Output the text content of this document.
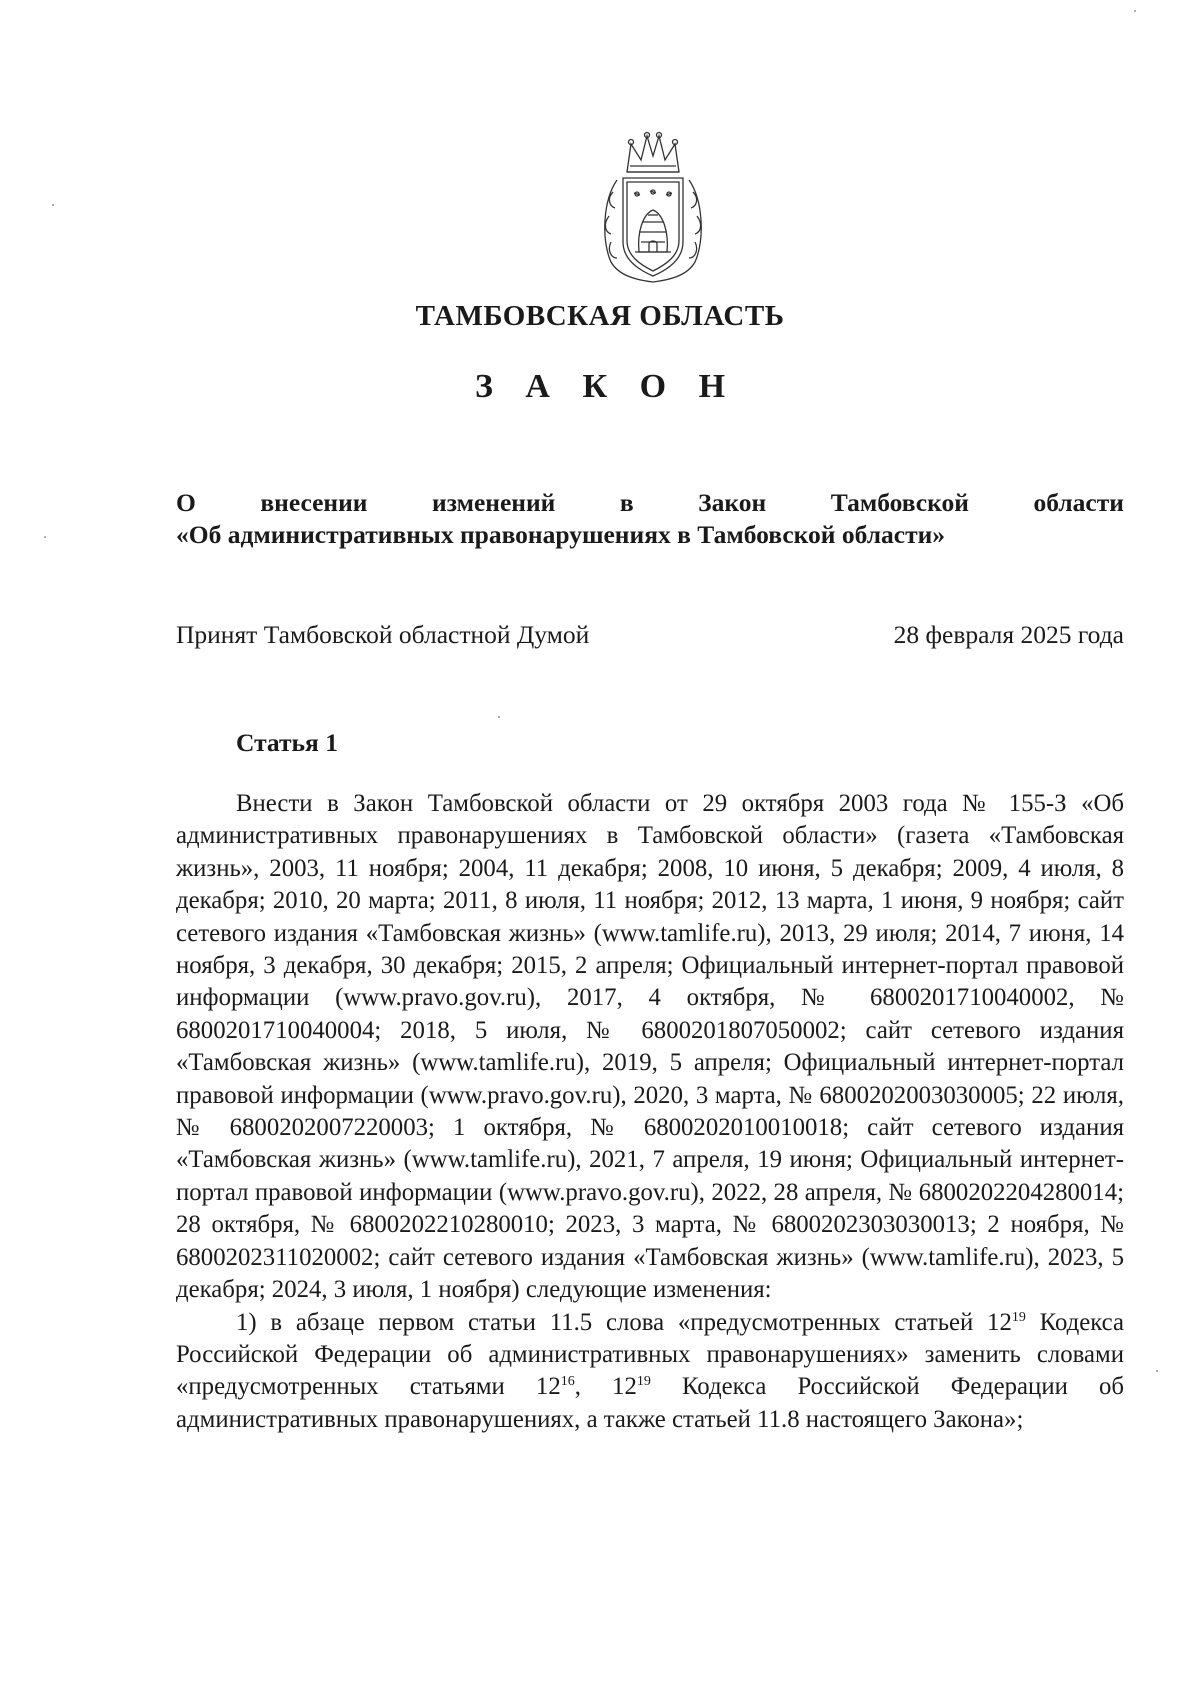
ТАМБОВСКАЯ ОБЛАСТЬ
З А К О Н
О	внесении	изменений	в	Закон	Тамбовской	области
«Об административных правонарушениях в Тамбовской области»
Принят Тамбовской областной Думой	28 февраля 2025 года
Статья 1

Внести в Закон Тамбовской области от 29 октября 2003 года № 155-З «Об административных правонарушениях в Тамбовской области» (газета «Тамбовская жизнь», 2003, 11 ноября; 2004, 11 декабря; 2008, 10 июня, 5 декабря; 2009, 4 июля, 8 декабря; 2010, 20 марта; 2011, 8 июля, 11 ноября; 2012, 13 марта, 1 июня, 9 ноября; сайт сетевого издания «Тамбовская жизнь» (www.tamlife.ru), 2013, 29 июля; 2014, 7 июня, 14 ноября, 3 декабря, 30 декабря; 2015, 2 апреля; Официальный интернет-портал правовой информации (www.pravo.gov.ru), 2017, 4 октября, № 6800201710040002, № 6800201710040004; 2018, 5 июля, № 6800201807050002; сайт сетевого издания «Тамбовская жизнь» (www.tamlife.ru), 2019, 5 апреля; Официальный интернет-портал правовой информации (www.pravo.gov.ru), 2020, 3 марта, № 6800202003030005; 22 июля, № 6800202007220003; 1 октября, № 6800202010010018; сайт сетевого издания «Тамбовская жизнь» (www.tamlife.ru), 2021, 7 апреля, 19 июня; Официальный интернет-портал правовой информации (www.pravo.gov.ru), 2022, 28 апреля, № 6800202204280014; 28 октября, № 6800202210280010; 2023, 3 марта, № 6800202303030013; 2 ноября, № 6800202311020002; сайт сетевого издания «Тамбовская жизнь» (www.tamlife.ru), 2023, 5 декабря; 2024, 3 июля, 1 ноября) следующие изменения:

1) в абзаце первом статьи 11.5 слова «предусмотренных статьей $12^{19}$ Кодекса Российской Федерации об административных правонарушениях» заменить словами «предусмотренных статьями $12^{16}$, $12^{19}$ Кодекса Российской Федерации об административных правонарушениях, а также статьей 11.8 настоящего Закона»;
